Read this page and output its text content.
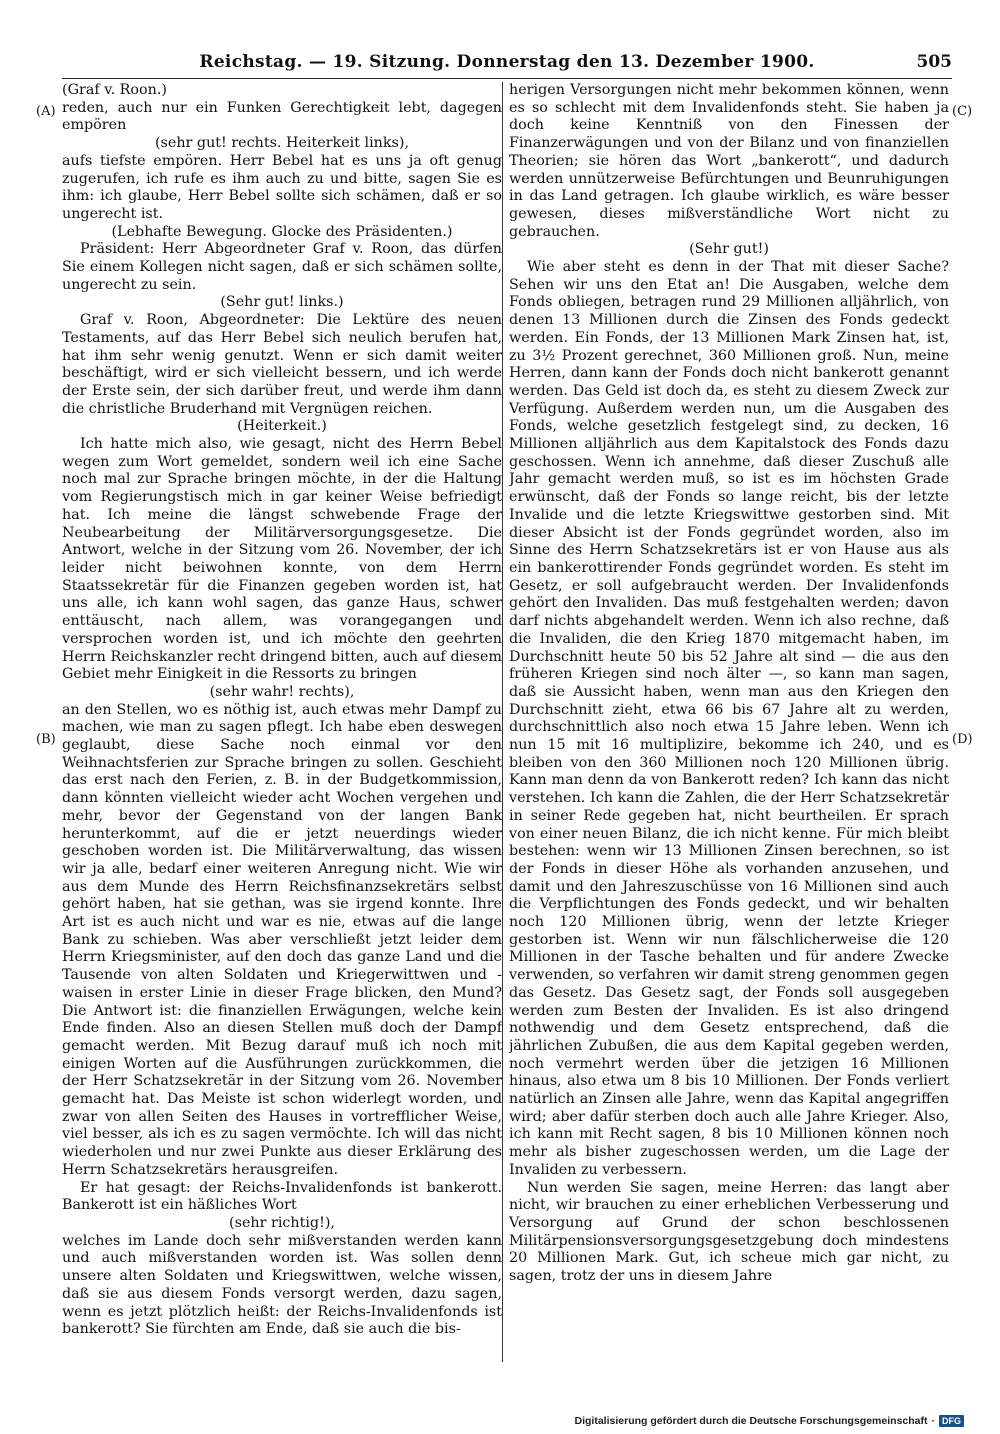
Reichstag. — 19. Sitzung. Donnerstag den 13. Dezember 1900.	505
(A)
(B)
(C)
(D)

(Graf v. Roon.)

reden, auch nur ein Funken Gerechtigkeit lebt, dagegen empören

(sehr gut! rechts. Heiterkeit links),

aufs tiefste empören. Herr Bebel hat es uns ja oft genug zugerufen, ich rufe es ihm auch zu und bitte, sagen Sie es ihm: ich glaube, Herr Bebel sollte sich schämen, daß er so ungerecht ist.

(Lebhafte Bewegung. Glocke des Präsidenten.)

Präsident: Herr Abgeordneter Graf v. Roon, das dürfen Sie einem Kollegen nicht sagen, daß er sich schämen sollte, ungerecht zu sein.

(Sehr gut! links.)

Graf v. Roon, Abgeordneter: Die Lektüre des neuen Testaments, auf das Herr Bebel sich neulich berufen hat, hat ihm sehr wenig genutzt. Wenn er sich damit weiter beschäftigt, wird er sich vielleicht bessern, und ich werde der Erste sein, der sich darüber freut, und werde ihm dann die christliche Bruderhand mit Vergnügen reichen.

(Heiterkeit.)

Ich hatte mich also, wie gesagt, nicht des Herrn Bebel wegen zum Wort gemeldet, sondern weil ich eine Sache noch mal zur Sprache bringen möchte, in der die Haltung vom Regierungstisch mich in gar keiner Weise befriedigt hat. Ich meine die längst schwebende Frage der Neubearbeitung der Militärversorgungsgesetze. Die Antwort, welche in der Sitzung vom 26. November, der ich leider nicht beiwohnen konnte, von dem Herrn Staatssekretär für die Finanzen gegeben worden ist, hat uns alle, ich kann wohl sagen, das ganze Haus, schwer enttäuscht, nach allem, was vorangegangen und versprochen worden ist, und ich möchte den geehrten Herrn Reichskanzler recht dringend bitten, auch auf diesem Gebiet mehr Einigkeit in die Ressorts zu bringen

(sehr wahr! rechts),

an den Stellen, wo es nöthig ist, auch etwas mehr Dampf zu machen, wie man zu sagen pflegt. Ich habe eben deswegen geglaubt, diese Sache noch einmal vor den Weihnachtsferien zur Sprache bringen zu sollen. Geschieht das erst nach den Ferien, z. B. in der Budgetkommission, dann könnten vielleicht wieder acht Wochen vergehen und mehr, bevor der Gegenstand von der langen Bank herunterkommt, auf die er jetzt neuerdings wieder geschoben worden ist. Die Militärverwaltung, das wissen wir ja alle, bedarf einer weiteren Anregung nicht. Wie wir aus dem Munde des Herrn Reichsfinanzsekretärs selbst gehört haben, hat sie gethan, was sie irgend konnte. Ihre Art ist es auch nicht und war es nie, etwas auf die lange Bank zu schieben. Was aber verschließt jetzt leider dem Herrn Kriegsminister, auf den doch das ganze Land und die Tausende von alten Soldaten und Kriegerwittwen und -waisen in erster Linie in dieser Frage blicken, den Mund? Die Antwort ist: die finanziellen Erwägungen, welche kein Ende finden. Also an diesen Stellen muß doch der Dampf gemacht werden. Mit Bezug darauf muß ich noch mit einigen Worten auf die Ausführungen zurückkommen, die der Herr Schatzsekretär in der Sitzung vom 26. November gemacht hat. Das Meiste ist schon widerlegt worden, und zwar von allen Seiten des Hauses in vortrefflicher Weise, viel besser, als ich es zu sagen vermöchte. Ich will das nicht wiederholen und nur zwei Punkte aus dieser Erklärung des Herrn Schatzsekretärs herausgreifen.

Er hat gesagt: der Reichs-Invalidenfonds ist bankerott. Bankerott ist ein häßliches Wort

(sehr richtig!),

welches im Lande doch sehr mißverstanden werden kann und auch mißverstanden worden ist. Was sollen denn unsere alten Soldaten und Kriegswittwen, welche wissen, daß sie aus diesem Fonds versorgt werden, dazu sagen, wenn es jetzt plötzlich heißt: der Reichs-Invalidenfonds ist bankerott? Sie fürchten am Ende, daß sie auch die bis-

herigen Versorgungen nicht mehr bekommen können, wenn es so schlecht mit dem Invalidenfonds steht. Sie haben ja doch keine Kenntniß von den Finessen der Finanzerwägungen und von der Bilanz und von finanziellen Theorien; sie hören das Wort „bankerott“, und dadurch werden unnützerweise Befürchtungen und Beunruhigungen in das Land getragen. Ich glaube wirklich, es wäre besser gewesen, dieses mißverständliche Wort nicht zu gebrauchen.

(Sehr gut!)

Wie aber steht es denn in der That mit dieser Sache? Sehen wir uns den Etat an! Die Ausgaben, welche dem Fonds obliegen, betragen rund 29 Millionen alljährlich, von denen 13 Millionen durch die Zinsen des Fonds gedeckt werden. Ein Fonds, der 13 Millionen Mark Zinsen hat, ist, zu 3½ Prozent gerechnet, 360 Millionen groß. Nun, meine Herren, dann kann der Fonds doch nicht bankerott genannt werden. Das Geld ist doch da, es steht zu diesem Zweck zur Verfügung. Außerdem werden nun, um die Ausgaben des Fonds, welche gesetzlich festgelegt sind, zu decken, 16 Millionen alljährlich aus dem Kapitalstock des Fonds dazu geschossen. Wenn ich annehme, daß dieser Zuschuß alle Jahr gemacht werden muß, so ist es im höchsten Grade erwünscht, daß der Fonds so lange reicht, bis der letzte Invalide und die letzte Kriegswittwe gestorben sind. Mit dieser Absicht ist der Fonds gegründet worden, also im Sinne des Herrn Schatzsekretärs ist er von Hause aus als ein bankerottirender Fonds gegründet worden. Es steht im Gesetz, er soll aufgebraucht werden. Der Invalidenfonds gehört den Invaliden. Das muß festgehalten werden; davon darf nichts abgehandelt werden. Wenn ich also rechne, daß die Invaliden, die den Krieg 1870 mitgemacht haben, im Durchschnitt heute 50 bis 52 Jahre alt sind — die aus den früheren Kriegen sind noch älter —, so kann man sagen, daß sie Aussicht haben, wenn man aus den Kriegen den Durchschnitt zieht, etwa 66 bis 67 Jahre alt zu werden, durchschnittlich also noch etwa 15 Jahre leben. Wenn ich nun 15 mit 16 multiplizire, bekomme ich 240, und es bleiben von den 360 Millionen noch 120 Millionen übrig. Kann man denn da von Bankerott reden? Ich kann das nicht verstehen. Ich kann die Zahlen, die der Herr Schatzsekretär in seiner Rede gegeben hat, nicht beurtheilen. Er sprach von einer neuen Bilanz, die ich nicht kenne. Für mich bleibt bestehen: wenn wir 13 Millionen Zinsen berechnen, so ist der Fonds in dieser Höhe als vorhanden anzusehen, und damit und den Jahreszuschüsse von 16 Millionen sind auch die Verpflichtungen des Fonds gedeckt, und wir behalten noch 120 Millionen übrig, wenn der letzte Krieger gestorben ist. Wenn wir nun fälschlicherweise die 120 Millionen in der Tasche behalten und für andere Zwecke verwenden, so verfahren wir damit streng genommen gegen das Gesetz. Das Gesetz sagt, der Fonds soll ausgegeben werden zum Besten der Invaliden. Es ist also dringend nothwendig und dem Gesetz entsprechend, daß die jährlichen Zubußen, die aus dem Kapital gegeben werden, noch vermehrt werden über die jetzigen 16 Millionen hinaus, also etwa um 8 bis 10 Millionen. Der Fonds verliert natürlich an Zinsen alle Jahre, wenn das Kapital angegriffen wird; aber dafür sterben doch auch alle Jahre Krieger. Also, ich kann mit Recht sagen, 8 bis 10 Millionen können noch mehr als bisher zugeschossen werden, um die Lage der Invaliden zu verbessern.

Nun werden Sie sagen, meine Herren: das langt aber nicht, wir brauchen zu einer erheblichen Verbesserung und Versorgung auf Grund der schon beschlossenen Militärpensionsversorgungsgesetzgebung doch mindestens 20 Millionen Mark. Gut, ich scheue mich gar nicht, zu sagen, trotz der uns in diesem Jahre

Digitalisierung gefördert durch die Deutsche Forschungsgemeinschaft · DFG
